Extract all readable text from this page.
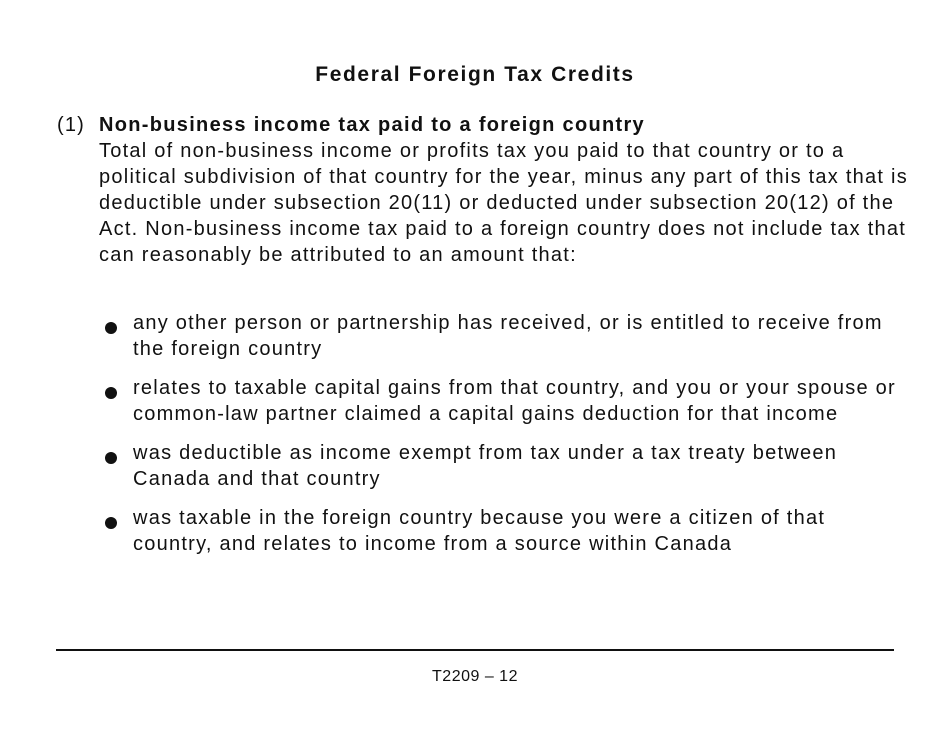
Federal Foreign Tax Credits
(1) Non-business income tax paid to a foreign country

Total of non-business income or profits tax you paid to that country or to a political subdivision of that country for the year, minus any part of this tax that is deductible under subsection 20(11) or deducted under subsection 20(12) of the Act. Non-business income tax paid to a foreign country does not include tax that can reasonably be attributed to an amount that:

any other person or partnership has received, or is entitled to receive from the foreign country
relates to taxable capital gains from that country, and you or your spouse or common-law partner claimed a capital gains deduction for that income
was deductible as income exempt from tax under a tax treaty between Canada and that country
was taxable in the foreign country because you were a citizen of that country, and relates to income from a source within Canada
T2209 – 12
